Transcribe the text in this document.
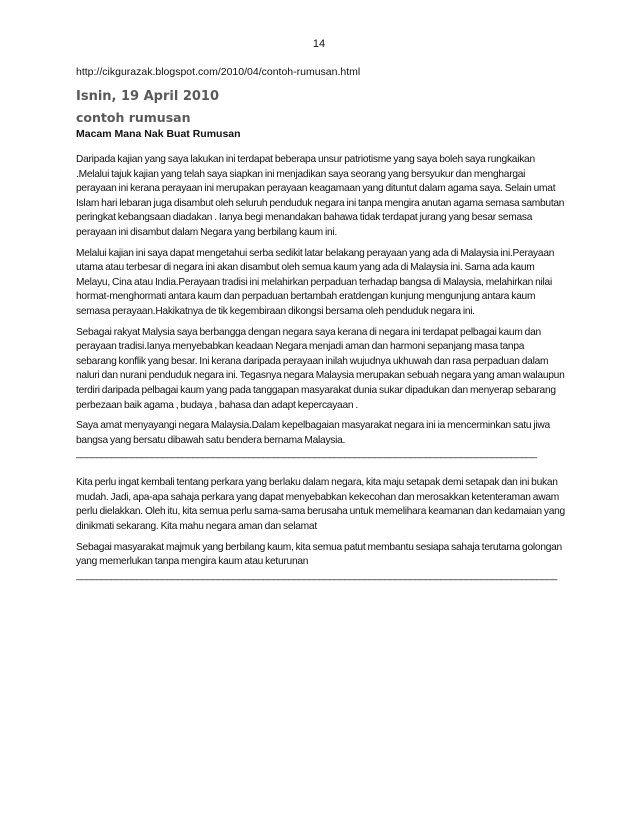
14

http://cikgurazak.blogspot.com/2010/04/contoh-rumusan.html

Isnin, 19 April 2010

contoh rumusan

Macam Mana Nak Buat Rumusan

Daripada kajian yang saya lakukan ini terdapat beberapa unsur patriotisme yang saya boleh saya rungkaikan .Melalui tajuk kajian yang telah saya siapkan ini menjadikan saya seorang yang bersyukur dan menghargai perayaan ini kerana perayaan ini merupakan perayaan keagamaan yang dituntut dalam agama saya. Selain umat Islam hari lebaran juga disambut oleh seluruh penduduk negara ini tanpa mengira anutan agama semasa sambutan peringkat kebangsaan diadakan . Ianya begi menandakan bahawa tidak terdapat jurang yang besar semasa perayaan ini disambut dalam Negara yang berbilang kaum ini.

Melalui kajian ini saya dapat mengetahui serba sedikit latar belakang perayaan yang ada di Malaysia ini.Perayaan utama atau terbesar di negara ini akan disambut oleh semua kaum yang ada di Malaysia ini. Sama ada kaum Melayu, Cina atau India.Perayaan tradisi ini melahirkan perpaduan terhadap bangsa di Malaysia, melahirkan nilai hormat-menghormati antara kaum dan perpaduan bertambah eratdengan kunjung mengunjung antara kaum semasa perayaan.Hakikatnya de tik kegembiraan dikongsi bersama oleh penduduk negara ini.

Sebagai rakyat Malysia saya berbangga dengan negara saya kerana di negara ini terdapat pelbagai kaum dan perayaan tradisi.Ianya menyebabkan keadaan Negara menjadi aman dan harmoni sepanjang masa tanpa sebarang konflik yang besar. Ini kerana daripada perayaan inilah wujudnya ukhuwah dan rasa perpaduan dalam naluri dan nurani penduduk negara ini. Tegasnya negara Malaysia merupakan sebuah negara yang aman walaupun terdiri daripada pelbagai kaum yang pada tanggapan masyarakat dunia sukar dipadukan dan menyerap sebarang perbezaan baik agama , budaya , bahasa dan adapt kepercayaan .

Saya amat menyayangi negara Malaysia.Dalam kepelbagaian masyarakat negara ini ia mencerminkan satu jiwa bangsa yang bersatu dibawah satu bendera bernama Malaysia.

___________________________________________________________________________________________

Kita perlu ingat kembali tentang perkara yang berlaku dalam negara, kita maju setapak demi setapak dan ini bukan mudah. Jadi, apa-apa sahaja perkara yang dapat menyebabkan kekecohan dan merosakkan ketenteraman awam perlu dielakkan. Oleh itu, kita semua perlu sama-sama berusaha untuk memelihara keamanan dan kedamaian yang dinikmati sekarang. Kita mahu negara aman dan selamat

Sebagai masyarakat majmuk yang berbilang kaum, kita semua patut membantu sesiapa sahaja terutama golongan yang memerlukan tanpa mengira kaum atau keturunan

_______________________________________________________________________________________________
